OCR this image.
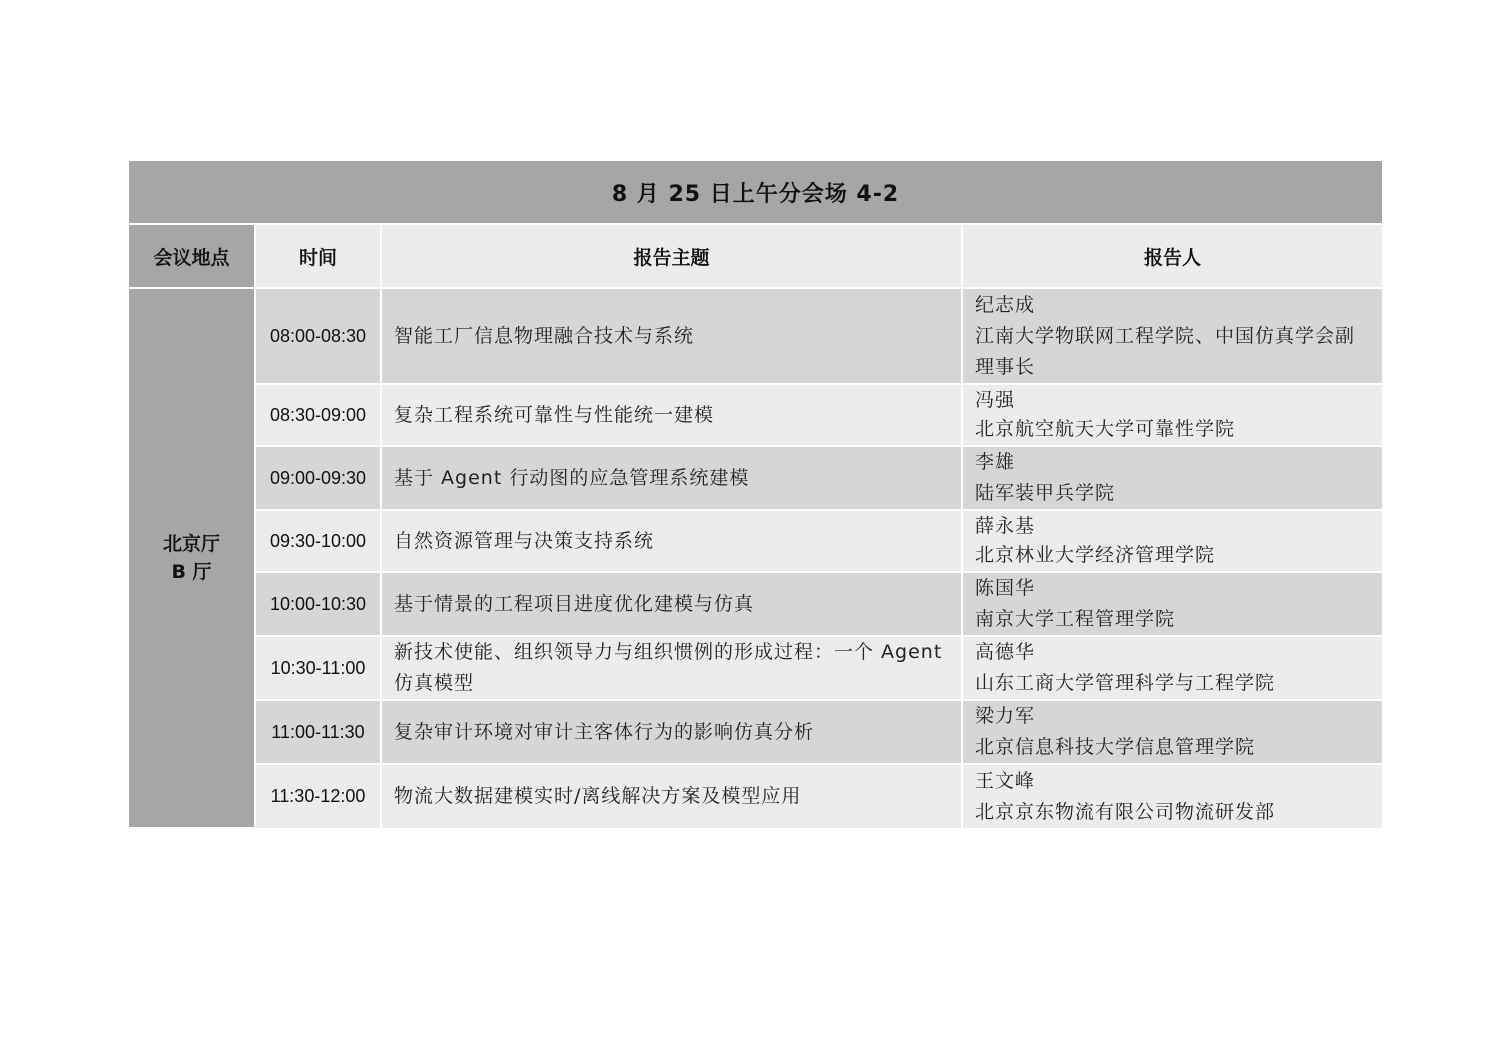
8 月 25 日上午分会场 4-2			
会议地点	时间	报告主题	报告人

北京厅
B 厅	08:00-08:30	智能工厂信息物理融合技术与系统	纪志成
江南大学物联网工程学院、中国仿真学会副理事长

	08:30-09:00	复杂工程系统可靠性与性能统一建模	冯强
北京航空航天大学可靠性学院

	09:00-09:30	基于 Agent 行动图的应急管理系统建模	李雄
陆军装甲兵学院

	09:30-10:00	自然资源管理与决策支持系统	薛永基
北京林业大学经济管理学院

	10:00-10:30	基于情景的工程项目进度优化建模与仿真	陈国华
南京大学工程管理学院

	10:30-11:00	新技术使能、组织领导力与组织惯例的形成过程：一个 Agent 仿真模型	高德华
山东工商大学管理科学与工程学院

	11:00-11:30	复杂审计环境对审计主客体行为的影响仿真分析	梁力军
北京信息科技大学信息管理学院

	11:30-12:00	物流大数据建模实时/离线解决方案及模型应用	王文峰
北京京东物流有限公司物流研发部
